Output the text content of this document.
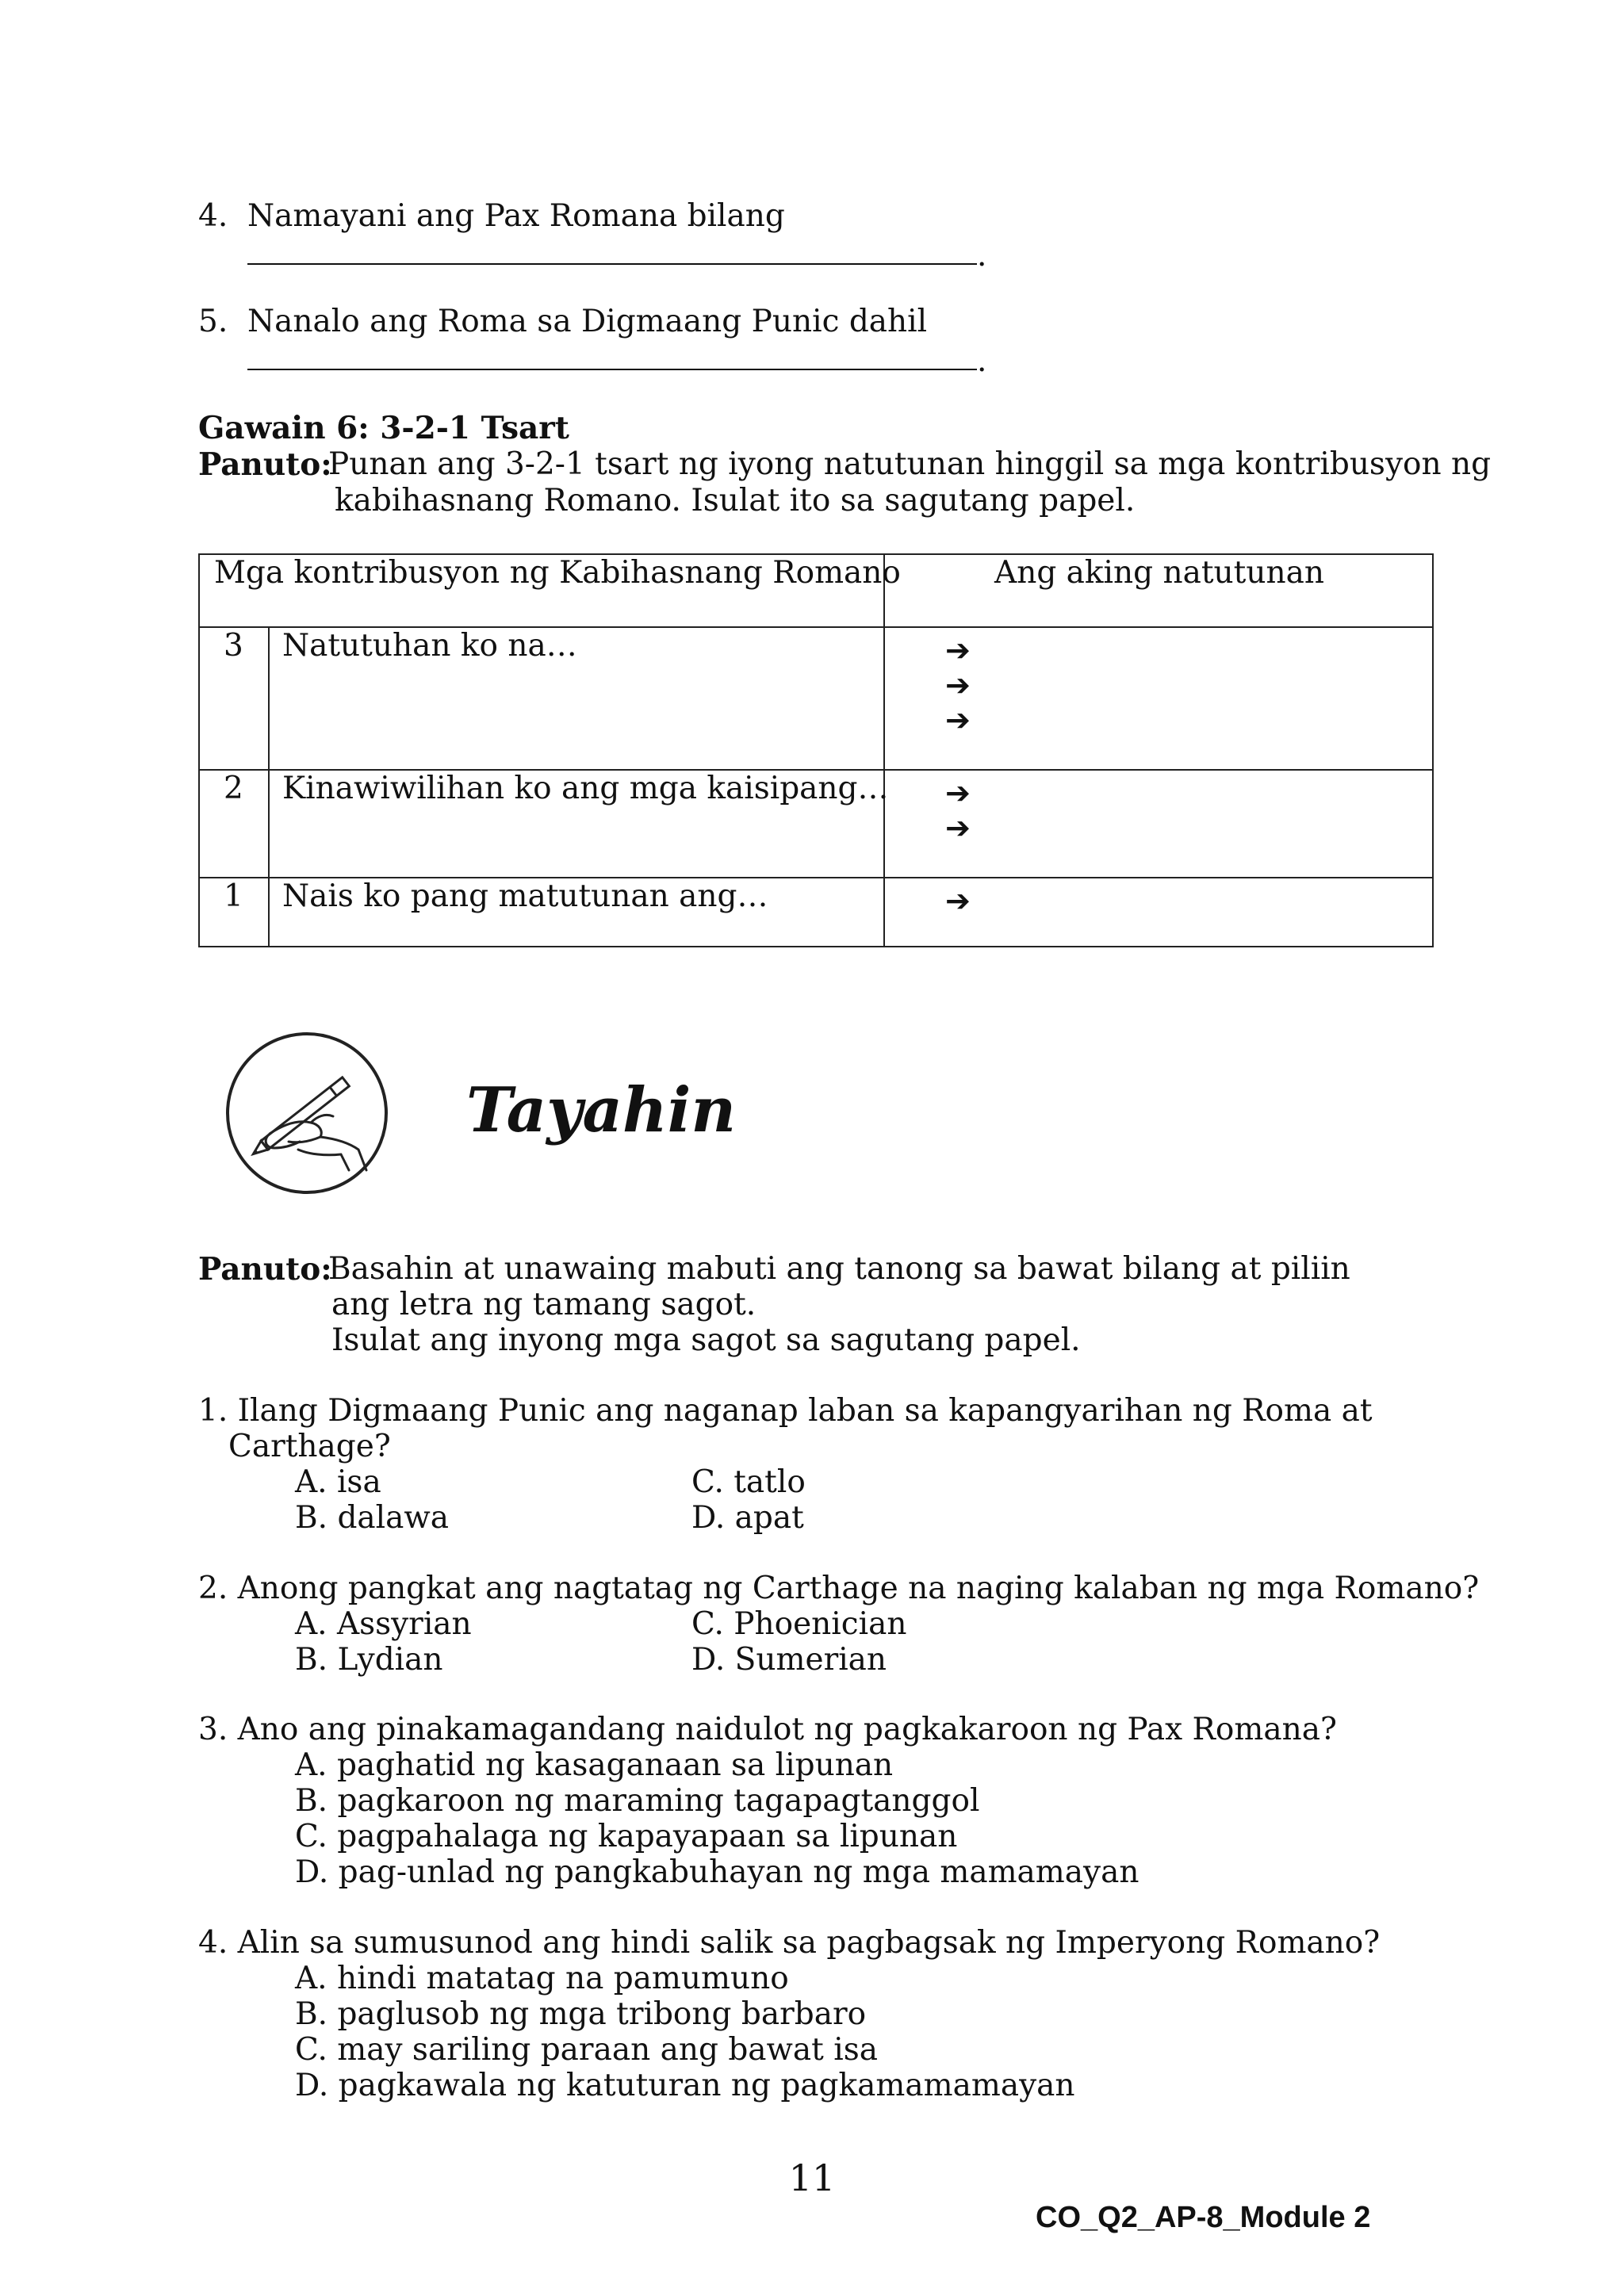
4. Namayani ang Pax Romana bilang
.
5. Nanalo ang Roma sa Digmaang Punic dahil
.
Gawain 6: 3-2-1 Tsart
Panuto:
Punan ang 3-2-1 tsart ng iyong natutunan hinggil sa mga kontribusyon ng
kabihasnang Romano. Isulat ito sa sagutang papel.
Mga kontribusyon ng Kabihasnang Romano	Ang aking natutunan
3 Natutuhan ko na…	➔
➔
➔
2 Kinawiwilihan ko ang mga kaisipang… ➔
➔
1 Nais ko pang matutunan ang…	➔
Tayahin
Panuto:
Basahin at unawaing mabuti ang tanong sa bawat bilang at piliin
ang letra ng tamang sagot.
Isulat ang inyong mga sagot sa sagutang papel.
1. Ilang Digmaang Punic ang naganap laban sa kapangyarihan ng Roma at
Carthage?
A. isa	C. tatlo
B. dalawa	D. apat
2. Anong pangkat ang nagtatag ng Carthage na naging kalaban ng mga Romano?
A. Assyrian	C. Phoenician
B. Lydian	D. Sumerian
3. Ano ang pinakamagandang naidulot ng pagkakaroon ng Pax Romana?
A. paghatid ng kasaganaan sa lipunan
B. pagkaroon ng maraming tagapagtanggol
C. pagpahalaga ng kapayapaan sa lipunan
D. pag-unlad ng pangkabuhayan ng mga mamamayan
4. Alin sa sumusunod ang hindi salik sa pagbagsak ng Imperyong Romano?
A. hindi matatag na pamumuno
B. paglusob ng mga tribong barbaro
C. may sariling paraan ang bawat isa
D. pagkawala ng katuturan ng pagkamamamayan
11
CO_Q2_AP-8_Module 2
